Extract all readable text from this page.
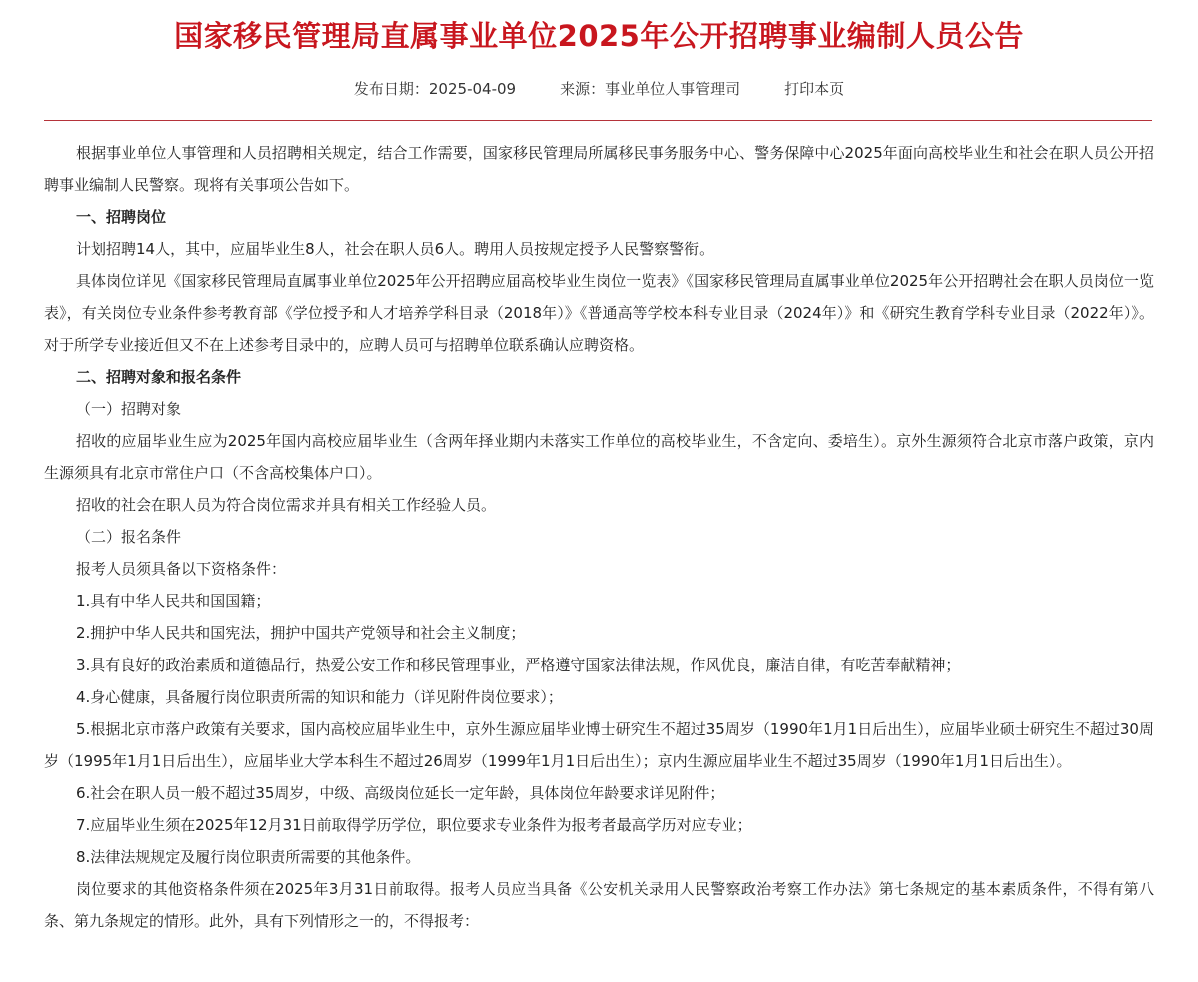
国家移民管理局直属事业单位2025年公开招聘事业编制人员公告
发布日期：2025-04-09	来源：事业单位人事管理司	打印本页

根据事业单位人事管理和人员招聘相关规定，结合工作需要，国家移民管理局所属移民事务服务中心、警务保障中心2025年面向高校毕业生和社会在职人员公开招聘事业编制人民警察。现将有关事项公告如下。

一、招聘岗位

计划招聘14人，其中，应届毕业生8人，社会在职人员6人。聘用人员按规定授予人民警察警衔。

具体岗位详见《国家移民管理局直属事业单位2025年公开招聘应届高校毕业生岗位一览表》《国家移民管理局直属事业单位2025年公开招聘社会在职人员岗位一览表》，有关岗位专业条件参考教育部《学位授予和人才培养学科目录（2018年）》《普通高等学校本科专业目录（2024年）》和《研究生教育学科专业目录（2022年）》。对于所学专业接近但又不在上述参考目录中的，应聘人员可与招聘单位联系确认应聘资格。

二、招聘对象和报名条件

（一）招聘对象

招收的应届毕业生应为2025年国内高校应届毕业生（含两年择业期内未落实工作单位的高校毕业生，不含定向、委培生）。京外生源须符合北京市落户政策，京内生源须具有北京市常住户口（不含高校集体户口）。

招收的社会在职人员为符合岗位需求并具有相关工作经验人员。

（二）报名条件

报考人员须具备以下资格条件：

1.具有中华人民共和国国籍；

2.拥护中华人民共和国宪法，拥护中国共产党领导和社会主义制度；

3.具有良好的政治素质和道德品行，热爱公安工作和移民管理事业，严格遵守国家法律法规，作风优良，廉洁自律，有吃苦奉献精神；

4.身心健康，具备履行岗位职责所需的知识和能力（详见附件岗位要求）；

5.根据北京市落户政策有关要求，国内高校应届毕业生中，京外生源应届毕业博士研究生不超过35周岁（1990年1月1日后出生），应届毕业硕士研究生不超过30周岁（1995年1月1日后出生），应届毕业大学本科生不超过26周岁（1999年1月1日后出生）；京内生源应届毕业生不超过35周岁（1990年1月1日后出生）。

6.社会在职人员一般不超过35周岁，中级、高级岗位延长一定年龄，具体岗位年龄要求详见附件；

7.应届毕业生须在2025年12月31日前取得学历学位，职位要求专业条件为报考者最高学历对应专业；

8.法律法规规定及履行岗位职责所需要的其他条件。

岗位要求的其他资格条件须在2025年3月31日前取得。报考人员应当具备《公安机关录用人民警察政治考察工作办法》第七条规定的基本素质条件，不得有第八条、第九条规定的情形。此外，具有下列情形之一的，不得报考：
